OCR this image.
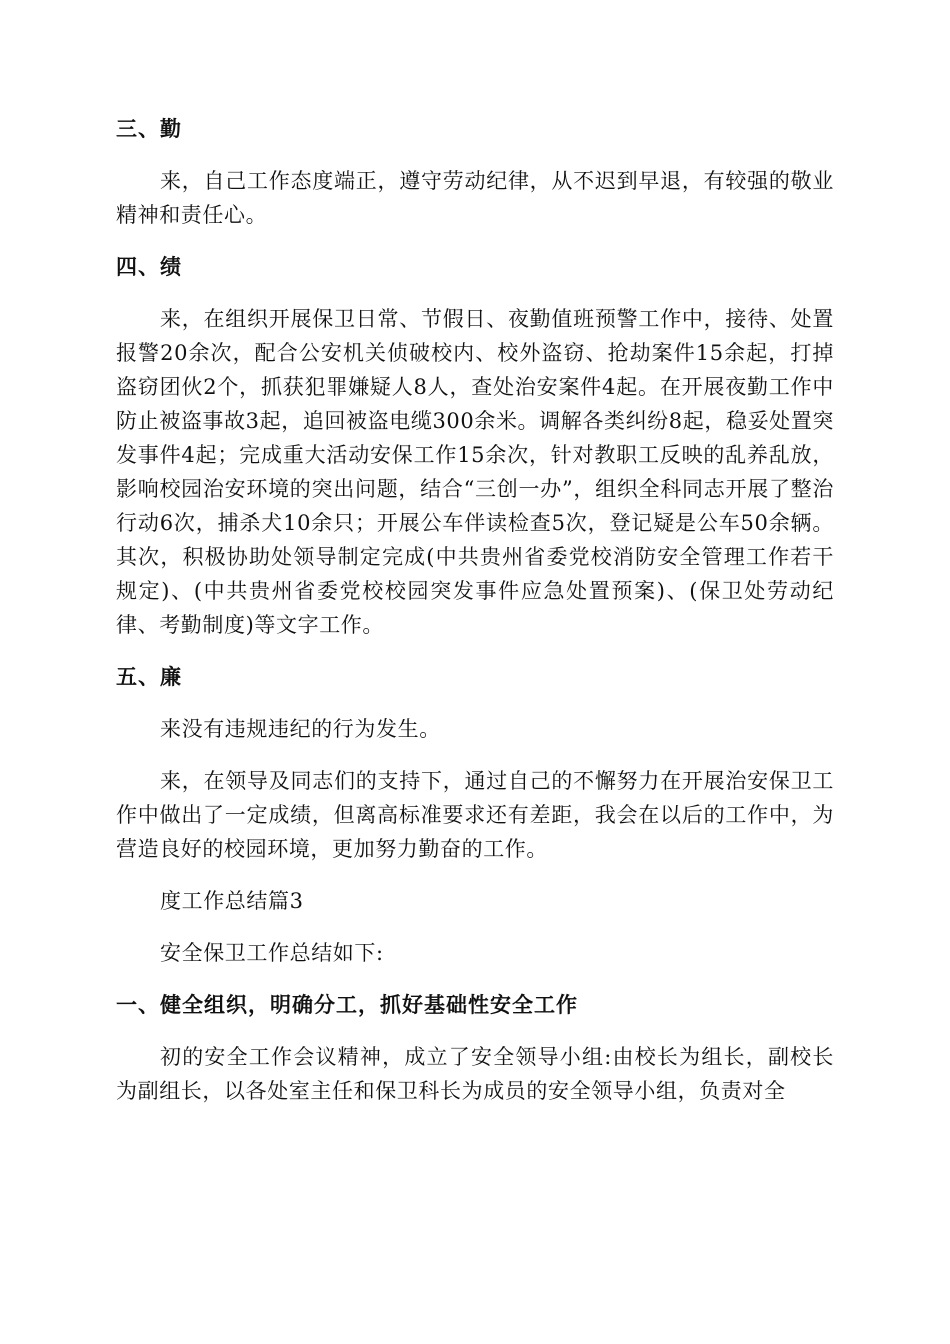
三、勤

来，自己工作态度端正，遵守劳动纪律，从不迟到早退，有较强的敬业精神和责任心。

四、绩

来，在组织开展保卫日常、节假日、夜勤值班预警工作中，接待、处置报警20余次，配合公安机关侦破校内、校外盗窃、抢劫案件15余起，打掉盗窃团伙2个，抓获犯罪嫌疑人8人，查处治安案件4起。在开展夜勤工作中防止被盗事故3起，追回被盗电缆300余米。调解各类纠纷8起，稳妥处置突发事件4起；完成重大活动安保工作15余次，针对教职工反映的乱养乱放，影响校园治安环境的突出问题，结合“三创一办”，组织全科同志开展了整治行动6次，捕杀犬10余只；开展公车伴读检查5次，登记疑是公车50余辆。其次，积极协助处领导制定完成(中共贵州省委党校消防安全管理工作若干规定)、(中共贵州省委党校校园突发事件应急处置预案)、(保卫处劳动纪律、考勤制度)等文字工作。

五、廉

来没有违规违纪的行为发生。

来，在领导及同志们的支持下，通过自己的不懈努力在开展治安保卫工作中做出了一定成绩，但离高标准要求还有差距，我会在以后的工作中，为营造良好的校园环境，更加努力勤奋的工作。

度工作总结篇3

安全保卫工作总结如下:

一、健全组织，明确分工，抓好基础性安全工作

初的安全工作会议精神，成立了安全领导小组:由校长为组长，副校长为副组长，以各处室主任和保卫科长为成员的安全领导小组，负责对全
